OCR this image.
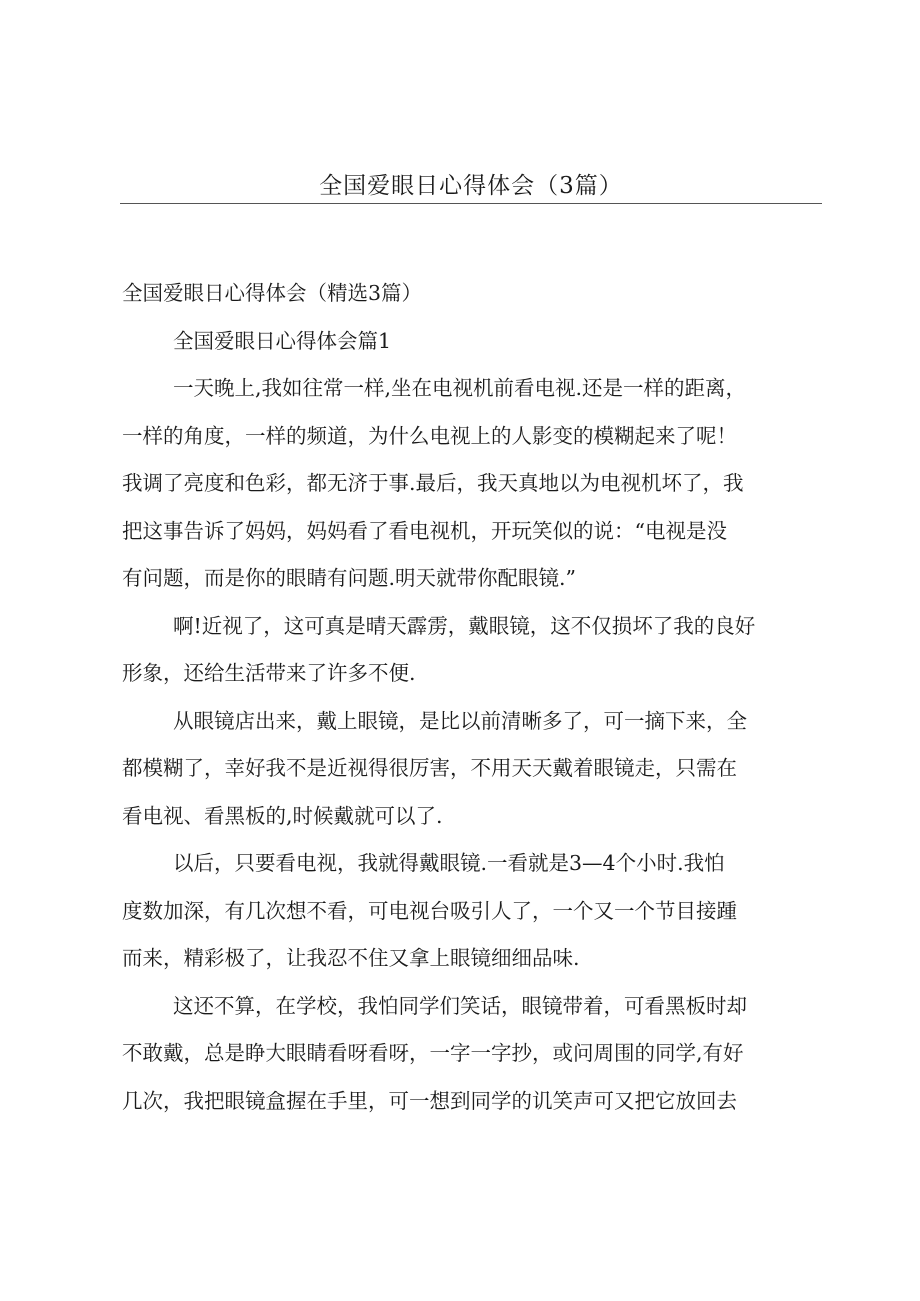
全国爱眼日心得体会（3篇）

全国爱眼日心得体会（精选3篇）

全国爱眼日心得体会篇1

一天晚上,我如往常一样,坐在电视机前看电视.还是一样的距离，

一样的角度，一样的频道，为什么电视上的人影变的模糊起来了呢！

我调了亮度和色彩，都无济于事.最后，我天真地以为电视机坏了，我

把这事告诉了妈妈，妈妈看了看电视机，开玩笑似的说：“电视是没

有问题，而是你的眼睛有问题.明天就带你配眼镜.”

啊!近视了，这可真是晴天霹雳，戴眼镜，这不仅损坏了我的良好

形象，还给生活带来了许多不便.

从眼镜店出来，戴上眼镜，是比以前清晰多了，可一摘下来，全

都模糊了，幸好我不是近视得很厉害，不用天天戴着眼镜走，只需在

看电视、看黑板的,时候戴就可以了.

以后，只要看电视，我就得戴眼镜.一看就是3—4个小时.我怕

度数加深，有几次想不看，可电视台吸引人了，一个又一个节目接踵

而来，精彩极了，让我忍不住又拿上眼镜细细品味.

这还不算，在学校，我怕同学们笑话，眼镜带着，可看黑板时却

不敢戴，总是睁大眼睛看呀看呀，一字一字抄，或问周围的同学,有好

几次，我把眼镜盒握在手里，可一想到同学的讥笑声可又把它放回去
